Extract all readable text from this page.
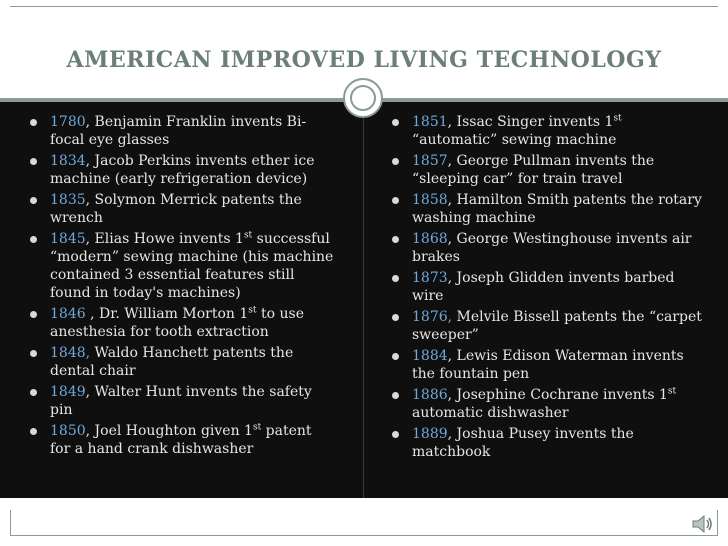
AMERICAN IMPROVED LIVING TECHNOLOGY
1780, Benjamin Franklin invents Bi-focal eye glasses
1834, Jacob Perkins invents ether ice machine (early refrigeration device)
1835, Solymon Merrick patents the wrench
1845, Elias Howe invents 1st successful “modern” sewing machine (his machine contained 3 essential features still found in today's machines)
1846 , Dr. William Morton 1st to use anesthesia for tooth extraction
1848, Waldo Hanchett patents the dental chair
1849, Walter Hunt invents the safety pin
1850, Joel Houghton given 1st patent for a hand crank dishwasher
1851, Issac Singer invents 1st “automatic” sewing machine
1857, George Pullman invents the “sleeping car” for train travel
1858, Hamilton Smith patents the rotary washing machine
1868, George Westinghouse invents air brakes
1873, Joseph Glidden invents barbed wire
1876, Melvile Bissell patents the “carpet sweeper”
1884, Lewis Edison Waterman invents the fountain pen
1886, Josephine Cochrane invents 1st automatic dishwasher
1889, Joshua Pusey invents the matchbook
